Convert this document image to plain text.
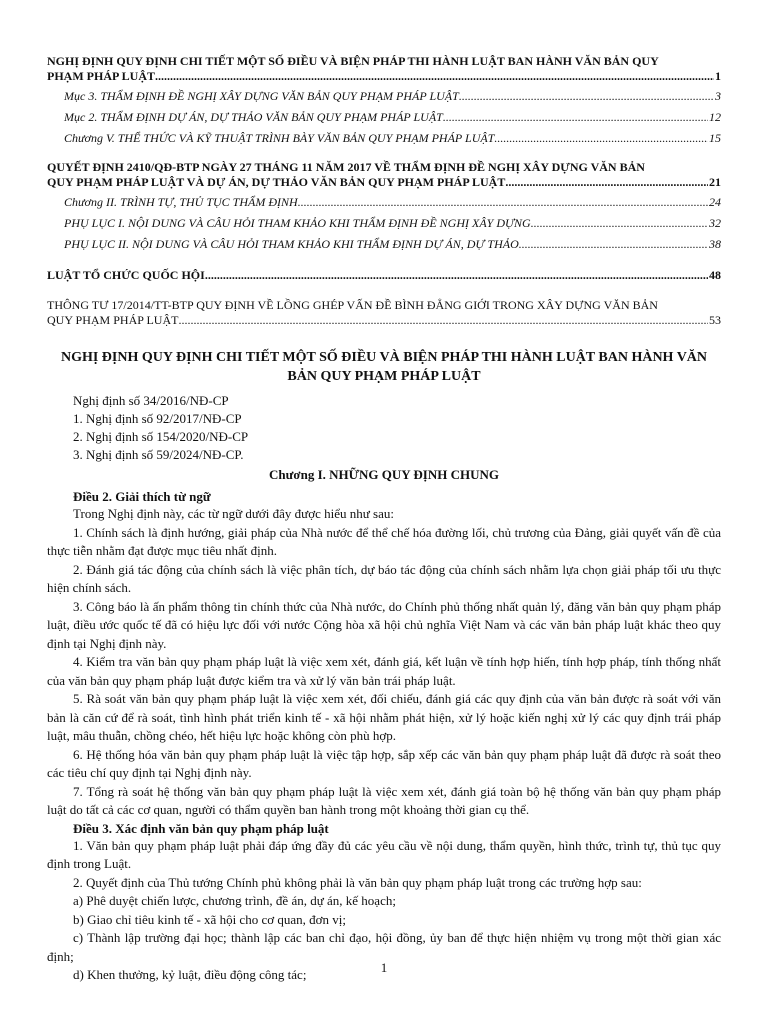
NGHỊ ĐỊNH QUY ĐỊNH CHI TIẾT MỘT SỐ ĐIỀU VÀ BIỆN PHÁP THI HÀNH LUẬT BAN HÀNH VĂN BẢN QUY
PHẠM PHÁP LUẬT .....	1
Mục 3. THẨM ĐỊNH ĐỀ NGHỊ XÂY DỰNG VĂN BẢN QUY PHẠM PHÁP LUẬT .....	3
Mục 2. THẨM ĐỊNH DỰ ÁN, DỰ THẢO VĂN BẢN QUY PHẠM PHÁP LUẬT .....	12
Chương V. THỂ THỨC VÀ KỸ THUẬT TRÌNH BÀY VĂN BẢN QUY PHẠM PHÁP LUẬT .....	15
QUYẾT ĐỊNH 2410/QĐ-BTP NGÀY 27 THÁNG 11 NĂM 2017 VỀ THẨM ĐỊNH ĐỀ NGHỊ XÂY DỰNG VĂN BẢN
QUY PHẠM PHÁP LUẬT VÀ DỰ ÁN, DỰ THẢO VĂN BẢN QUY PHẠM PHÁP LUẬT .....	21
Chương II. TRÌNH TỰ, THỦ TỤC THẨM ĐỊNH .....	24
PHỤ LỤC I. NỘI DUNG VÀ CÂU HỎI THAM KHẢO KHI THẨM ĐỊNH ĐỀ NGHỊ XÂY DỰNG .....	32
PHỤ LỤC II. NỘI DUNG VÀ CÂU HỎI THAM KHẢO KHI THẨM ĐỊNH DỰ ÁN, DỰ THẢO .....	38
LUẬT TỔ CHỨC QUỐC HỘI .....	48
THÔNG TƯ 17/2014/TT-BTP QUY ĐỊNH VỀ LỒNG GHÉP VẤN ĐỀ BÌNH ĐẲNG GIỚI TRONG XÂY DỰNG VĂN BẢN
QUY PHẠM PHÁP LUẬT .....	53
NGHỊ ĐỊNH QUY ĐỊNH CHI TIẾT MỘT SỐ ĐIỀU VÀ BIỆN PHÁP THI HÀNH LUẬT BAN HÀNH VĂN BẢN QUY PHẠM PHÁP LUẬT
Nghị định số 34/2016/NĐ-CP
1. Nghị định số 92/2017/NĐ-CP
2. Nghị định số 154/2020/NĐ-CP
3. Nghị định số 59/2024/NĐ-CP.
Chương I. NHỮNG QUY ĐỊNH CHUNG
Điều 2. Giải thích từ ngữ

Trong Nghị định này, các từ ngữ dưới đây được hiểu như sau:

1. Chính sách là định hướng, giải pháp của Nhà nước để thể chế hóa đường lối, chủ trương của Đảng, giải quyết vấn đề của thực tiễn nhằm đạt được mục tiêu nhất định.

2. Đánh giá tác động của chính sách là việc phân tích, dự báo tác động của chính sách nhằm lựa chọn giải pháp tối ưu thực hiện chính sách.

3. Công báo là ấn phẩm thông tin chính thức của Nhà nước, do Chính phủ thống nhất quản lý, đăng văn bản quy phạm pháp luật, điều ước quốc tế đã có hiệu lực đối với nước Cộng hòa xã hội chủ nghĩa Việt Nam và các văn bản pháp luật khác theo quy định tại Nghị định này.

4. Kiểm tra văn bản quy phạm pháp luật là việc xem xét, đánh giá, kết luận về tính hợp hiến, tính hợp pháp, tính thống nhất của văn bản quy phạm pháp luật được kiểm tra và xử lý văn bản trái pháp luật.

5. Rà soát văn bản quy phạm pháp luật là việc xem xét, đối chiếu, đánh giá các quy định của văn bản được rà soát với văn bản là căn cứ để rà soát, tình hình phát triển kinh tế - xã hội nhằm phát hiện, xử lý hoặc kiến nghị xử lý các quy định trái pháp luật, mâu thuẫn, chồng chéo, hết hiệu lực hoặc không còn phù hợp.

6. Hệ thống hóa văn bản quy phạm pháp luật là việc tập hợp, sắp xếp các văn bản quy phạm pháp luật đã được rà soát theo các tiêu chí quy định tại Nghị định này.

7. Tổng rà soát hệ thống văn bản quy phạm pháp luật là việc xem xét, đánh giá toàn bộ hệ thống văn bản quy phạm pháp luật do tất cả các cơ quan, người có thẩm quyền ban hành trong một khoảng thời gian cụ thể.

Điều 3. Xác định văn bản quy phạm pháp luật

1. Văn bản quy phạm pháp luật phải đáp ứng đầy đủ các yêu cầu về nội dung, thẩm quyền, hình thức, trình tự, thủ tục quy định trong Luật.

2. Quyết định của Thủ tướng Chính phủ không phải là văn bản quy phạm pháp luật trong các trường hợp sau:

a) Phê duyệt chiến lược, chương trình, đề án, dự án, kế hoạch;

b) Giao chỉ tiêu kinh tế - xã hội cho cơ quan, đơn vị;

c) Thành lập trường đại học; thành lập các ban chỉ đạo, hội đồng, ủy ban để thực hiện nhiệm vụ trong một thời gian xác định;

d) Khen thưởng, kỷ luật, điều động công tác;	1
